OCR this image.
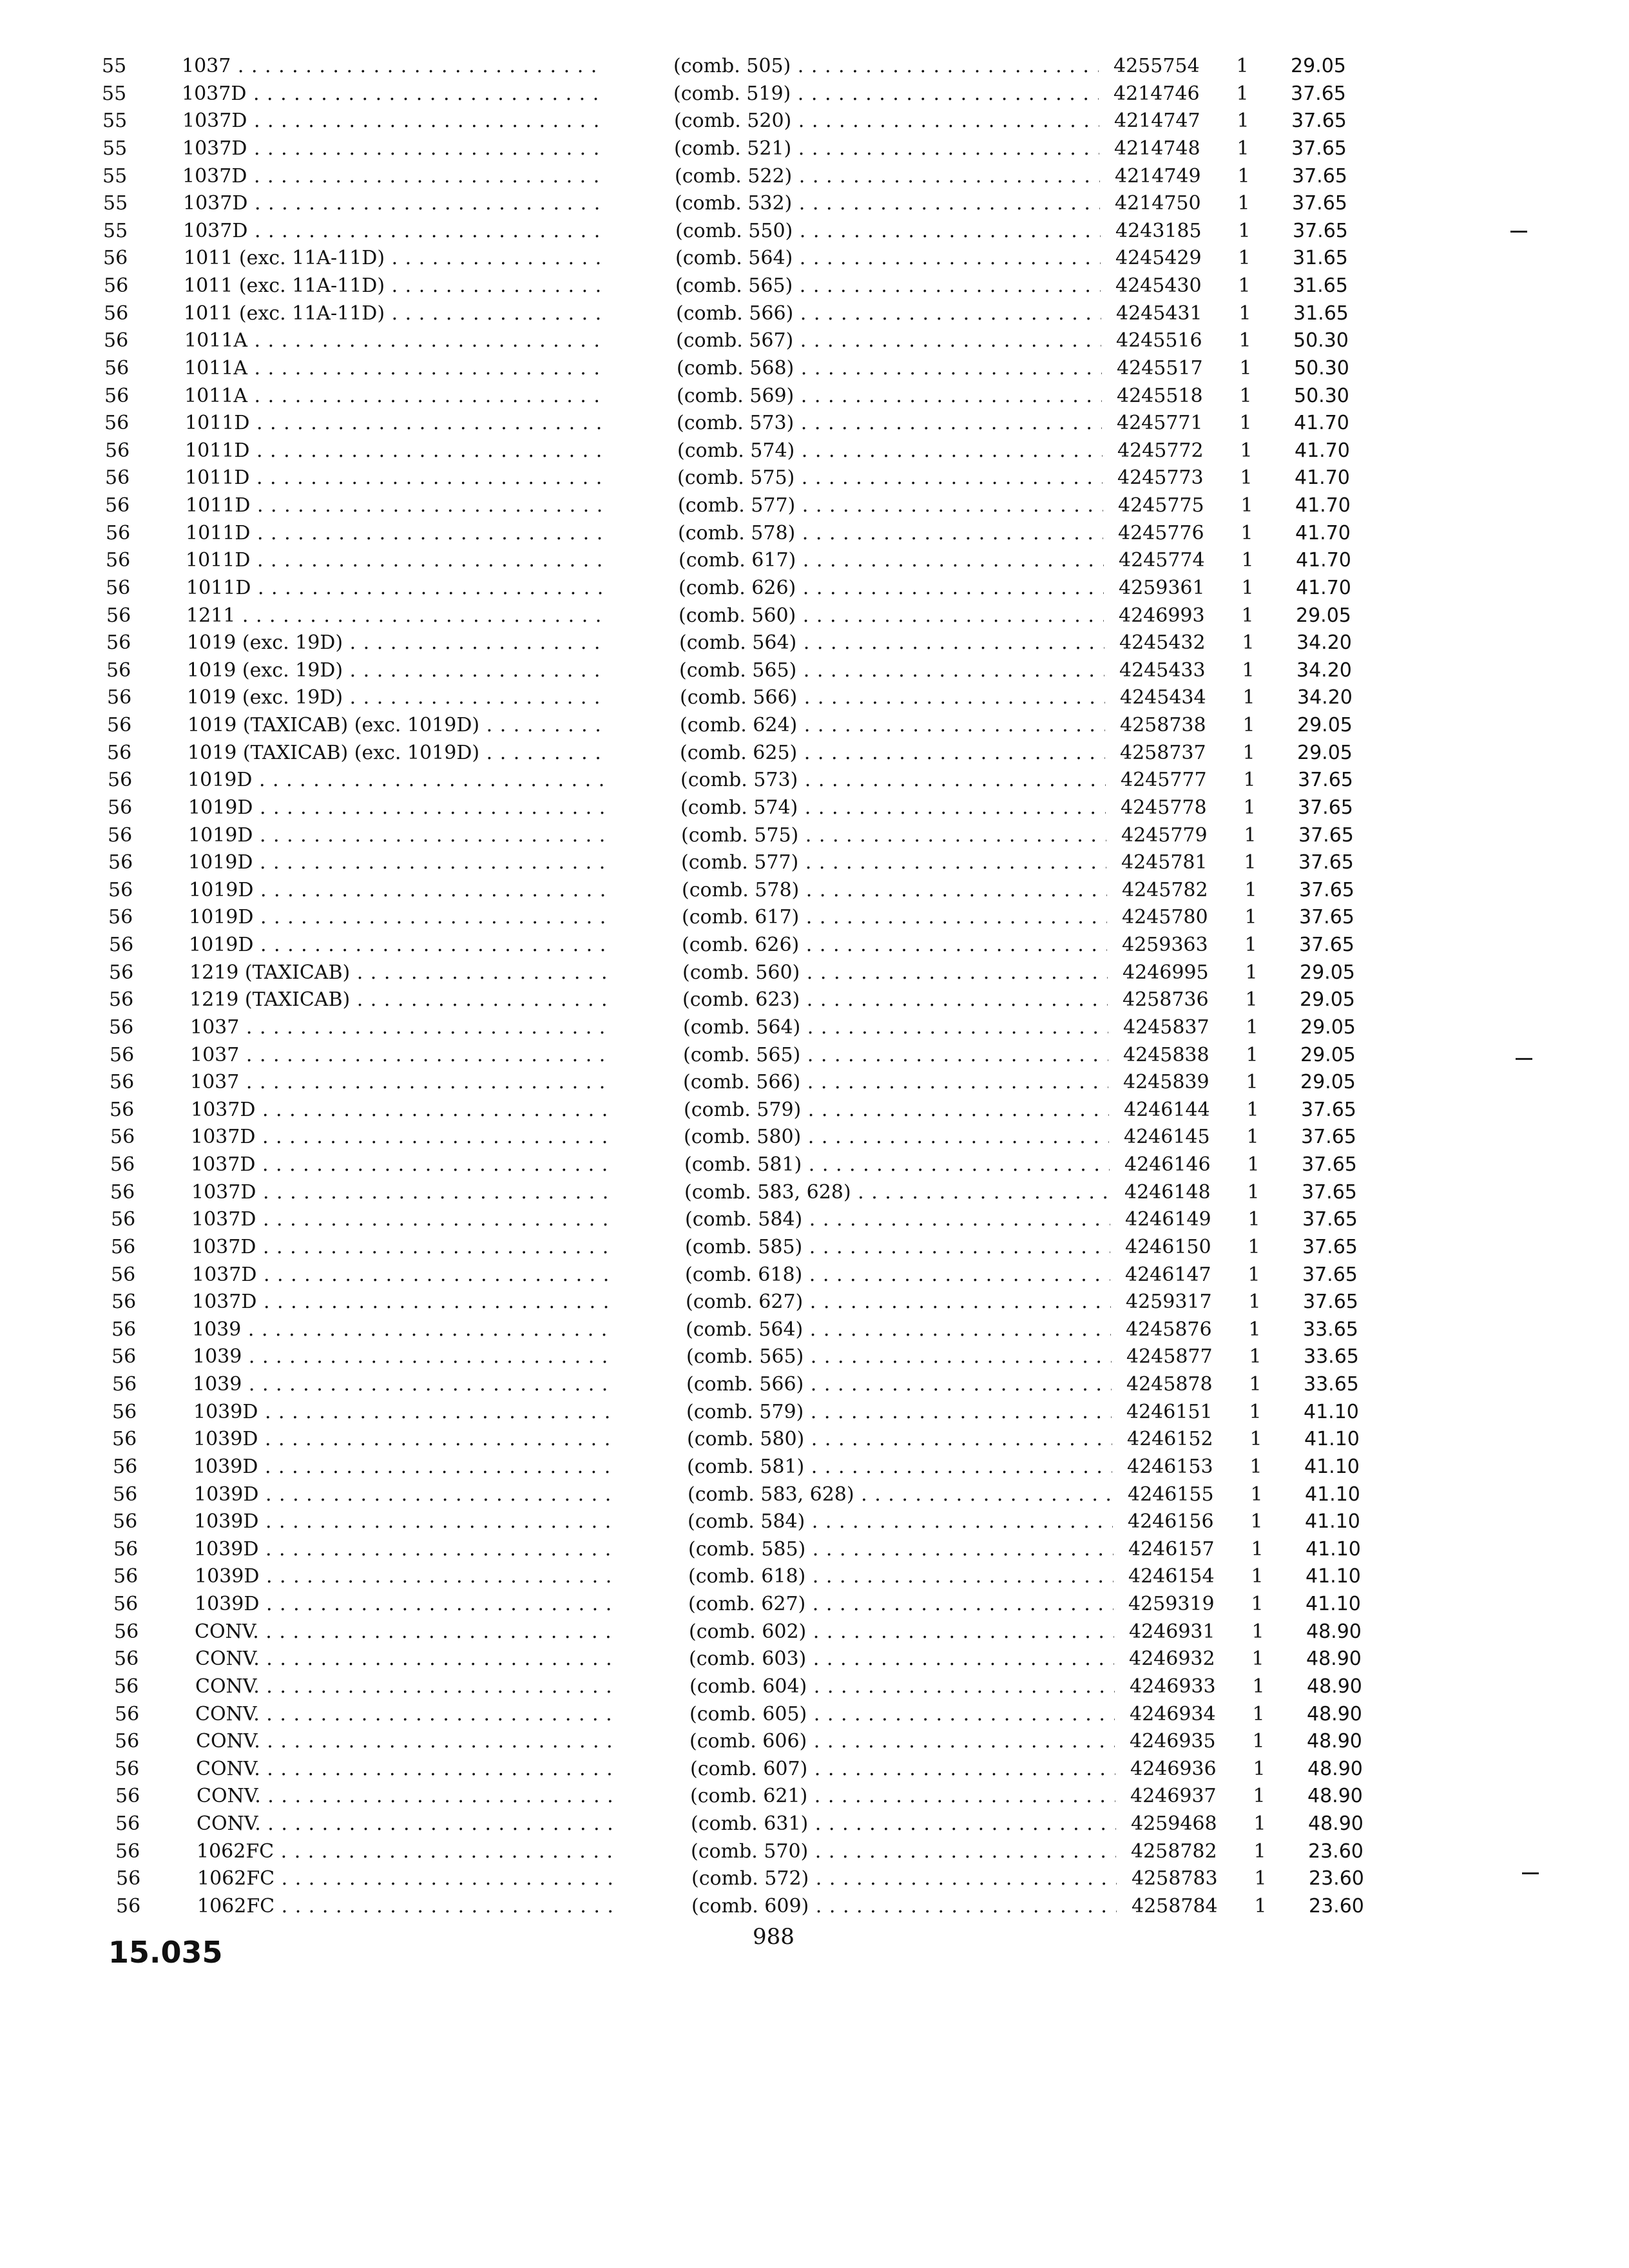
55	1037 . . .	(comb. 505) . . .	4255754	1 29.05
55	1037D . . .	(comb. 519) . . .	4214746	1 37.65
55	1037D . . .	(comb. 520) . . .	4214747	1 37.65
55	1037D . . .	(comb. 521) . . .	4214748	1 37.65
55	1037D . . .	(comb. 522) . . .	4214749	1 37.65
55	1037D . . .	(comb. 532) . . .	4214750	1 37.65
55	1037D . . .	(comb. 550) . . .	4243185	1 37.65
56	1011 (exc. 11A-11D) . . .	(comb. 564) . . .	4245429	1 31.65
56	1011 (exc. 11A-11D) . . .	(comb. 565) . . .	4245430	1 31.65
56	1011 (exc. 11A-11D) . . .	(comb. 566) . . .	4245431	1 31.65
56	1011A . . .	(comb. 567) . . .	4245516	1 50.30
56	1011A . . .	(comb. 568) . . .	4245517	1 50.30
56	1011A . . .	(comb. 569) . . .	4245518	1 50.30
56	1011D . . .	(comb. 573) . . .	4245771	1 41.70
56	1011D . . .	(comb. 574) . . .	4245772	1 41.70
56	1011D . . .	(comb. 575) . . .	4245773	1 41.70
56	1011D . . .	(comb. 577) . . .	4245775	1 41.70
56	1011D . . .	(comb. 578) . . .	4245776	1 41.70
56	1011D . . .	(comb. 617) . . .	4245774	1 41.70
56	1011D . . .	(comb. 626) . . .	4259361	1 41.70
56	1211 . . .	(comb. 560) . . .	4246993	1 29.05
56	1019 (exc. 19D) . . .	(comb. 564) . . .	4245432	1 34.20
56	1019 (exc. 19D) . . .	(comb. 565) . . .	4245433	1 34.20
56	1019 (exc. 19D) . . .	(comb. 566) . . .	4245434	1 34.20
56	1019 (TAXICAB) (exc. 1019D) . . .	(comb. 624) . . .	4258738	1 29.05
56	1019 (TAXICAB) (exc. 1019D) . . .	(comb. 625) . . .	4258737	1 29.05
56	1019D . . .	(comb. 573) . . .	4245777	1 37.65
56	1019D . . .	(comb. 574) . . .	4245778	1 37.65
56	1019D . . .	(comb. 575) . . .	4245779	1 37.65
56	1019D . . .	(comb. 577) . . .	4245781	1 37.65
56	1019D . . .	(comb. 578) . . .	4245782	1 37.65
56	1019D . . .	(comb. 617) . . .	4245780	1 37.65
56	1019D . . .	(comb. 626) . . .	4259363	1 37.65
56	1219 (TAXICAB) . . .	(comb. 560) . . .	4246995	1 29.05
56	1219 (TAXICAB) . . .	(comb. 623) . . .	4258736	1 29.05
56	1037 . . .	(comb. 564) . . .	4245837	1 29.05
56	1037 . . .	(comb. 565) . . .	4245838	1 29.05
56	1037 . . .	(comb. 566) . . .	4245839	1 29.05
56	1037D . . .	(comb. 579) . . .	4246144	1 37.65
56	1037D . . .	(comb. 580) . . .	4246145	1 37.65
56	1037D . . .	(comb. 581) . . .	4246146	1 37.65
56	1037D . . .	(comb. 583, 628) . . .	4246148	1 37.65
56	1037D . . .	(comb. 584) . . .	4246149	1 37.65
56	1037D . . .	(comb. 585) . . .	4246150	1 37.65
56	1037D . . .	(comb. 618) . . .	4246147	1 37.65
56	1037D . . .	(comb. 627) . . .	4259317	1 37.65
56	1039 . . .	(comb. 564) . . .	4245876	1 33.65
56	1039 . . .	(comb. 565) . . .	4245877	1 33.65
56	1039 . . .	(comb. 566) . . .	4245878	1 33.65
56	1039D . . .	(comb. 579) . . .	4246151	1 41.10
56	1039D . . .	(comb. 580) . . .	4246152	1 41.10
56	1039D . . .	(comb. 581) . . .	4246153	1 41.10
56	1039D . . .	(comb. 583, 628) . . .	4246155	1 41.10
56	1039D . . .	(comb. 584) . . .	4246156	1 41.10
56	1039D . . .	(comb. 585) . . .	4246157	1 41.10
56	1039D . . .	(comb. 618) . . .	4246154	1 41.10
56	1039D . . .	(comb. 627) . . .	4259319	1 41.10
56	CONV. . . .	(comb. 602) . . .	4246931	1 48.90
56	CONV. . . .	(comb. 603) . . .	4246932	1 48.90
56	CONV. . . .	(comb. 604) . . .	4246933	1 48.90
56	CONV. . . .	(comb. 605) . . .	4246934	1 48.90
56	CONV. . . .	(comb. 606) . . .	4246935	1 48.90
56	CONV. . . .	(comb. 607) . . .	4246936	1 48.90
56	CONV. . . .	(comb. 621) . . .	4246937	1 48.90
56	CONV. . . .	(comb. 631) . . .	4259468	1 48.90
56	1062FC . . .	(comb. 570) . . .	4258782	1 23.60
56	1062FC . . .	(comb. 572) . . .	4258783	1 23.60
56	1062FC . . .	(comb. 609) . . .	4258784	1 23.60
988
15.035
